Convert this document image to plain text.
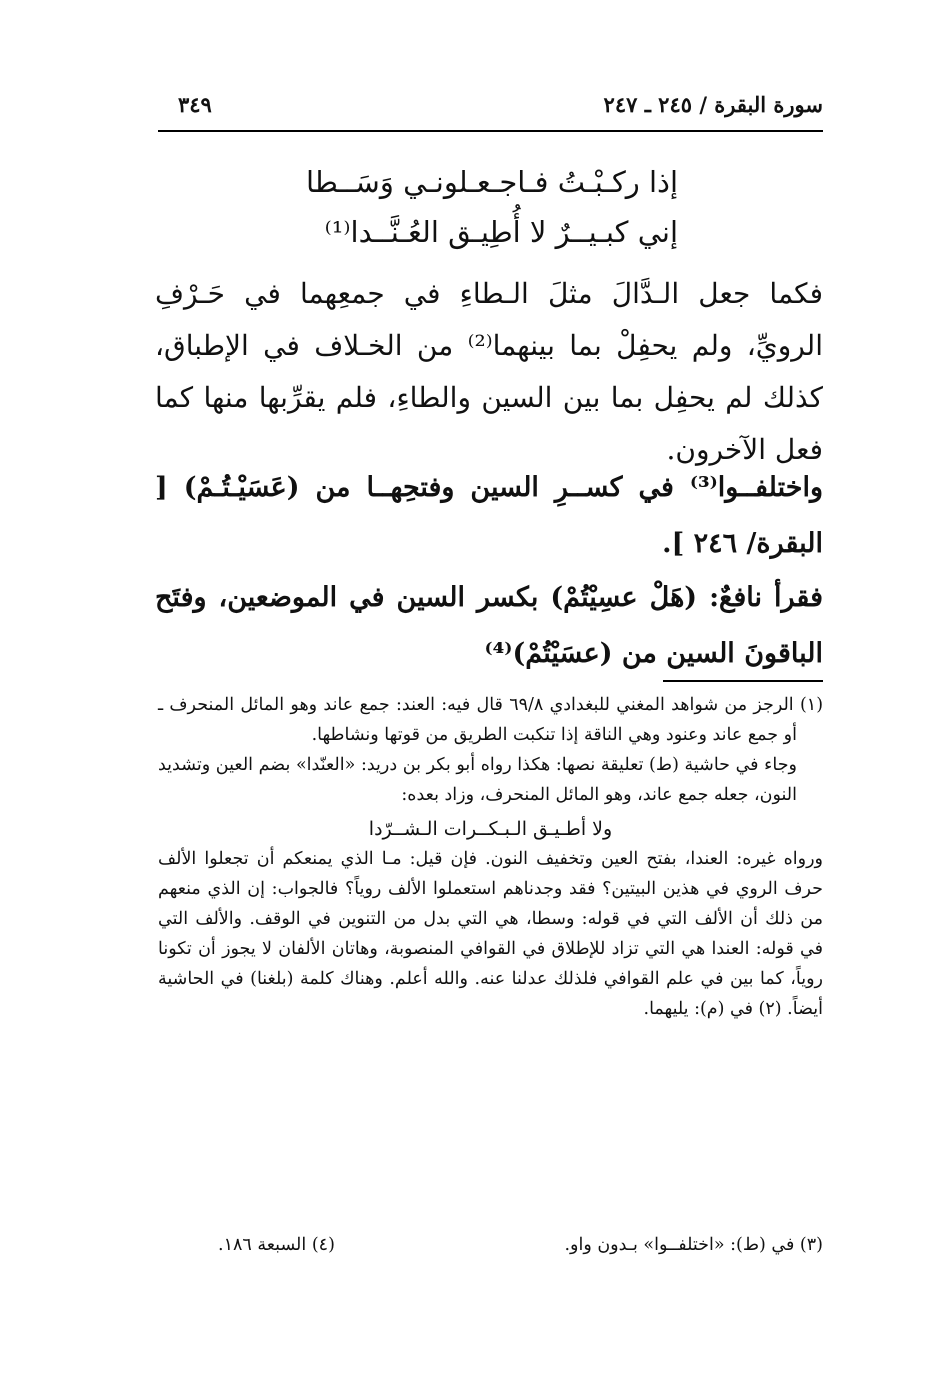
سورة البقرة / ٢٤٥ ـ ٢٤٧
٣٤٩
إذا ركـبْـتُ فـاجـعـلونـي وَسَــطا
إني كبـيــرٌ لا أُطِيـق العُـنَّــدا⁽¹⁾
فكما جعل الـدَّالَ مثلَ الـطاءِ في جمعِهما في حَـرْفِ الرويِّ، ولم يحفِلْ بما بينهما⁽²⁾ من الخـلاف في الإطباق، كذلك لم يحفِل بما بين السين والطاءِ، فلم يقرِّبها منها كما فعل الآخرون.
واختلفــوا⁽³⁾ في كســرِ السين وفتحِهــا من (عَسَيْـتُـمْ) [ البقرة/ ٢٤٦ ].
فقرأ نافعٌ: (هَلْ عسِيْتُمْ) بكسر السين في الموضعين، وفتَح الباقونَ السين من (عسَيْتُمْ)⁽⁴⁾
(١) الرجز من شواهد المغني للبغدادي ٦٩/٨ قال فيه: العند: جمع عاند وهو المائل المنحرف ـ أو جمع عاند وعنود وهي الناقة إذا تنكبت الطريق من قوتها ونشاطها.
وجاء في حاشية (ط) تعليقة نصها: هكذا رواه أبو بكر بن دريد: «العنّدا» بضم العين وتشديد النون، جعله جمع عاند، وهو المائل المنحرف، وزاد بعده:
ولا أطـيـق الـبـكــرات الـشــرّدا
ورواه غيره: العندا، بفتح العين وتخفيف النون. فإن قيل: مـا الذي يمنعكم أن تجعلوا الألف حرف الروي في هذين البيتين؟ فقد وجدناهم استعملوا الألف روياً؟ فالجواب: إن الذي منعهم من ذلك أن الألف التي في قوله: وسطا، هي التي بدل من التنوين في الوقف. والألف التي في قوله: العندا هي التي تزاد للإطلاق في القوافي المنصوبة، وهاتان الألفان لا يجوز أن تكونا روياً، كما بين في علم القوافي فلذلك عدلنا عنه. والله أعلم. وهناك كلمة (بلغنا) في الحاشية أيضاً. (٢) في (م): يليهما.
(٣) في (ط): «اختلفــوا» بـدون واو.
(٤) السبعة ١٨٦.
